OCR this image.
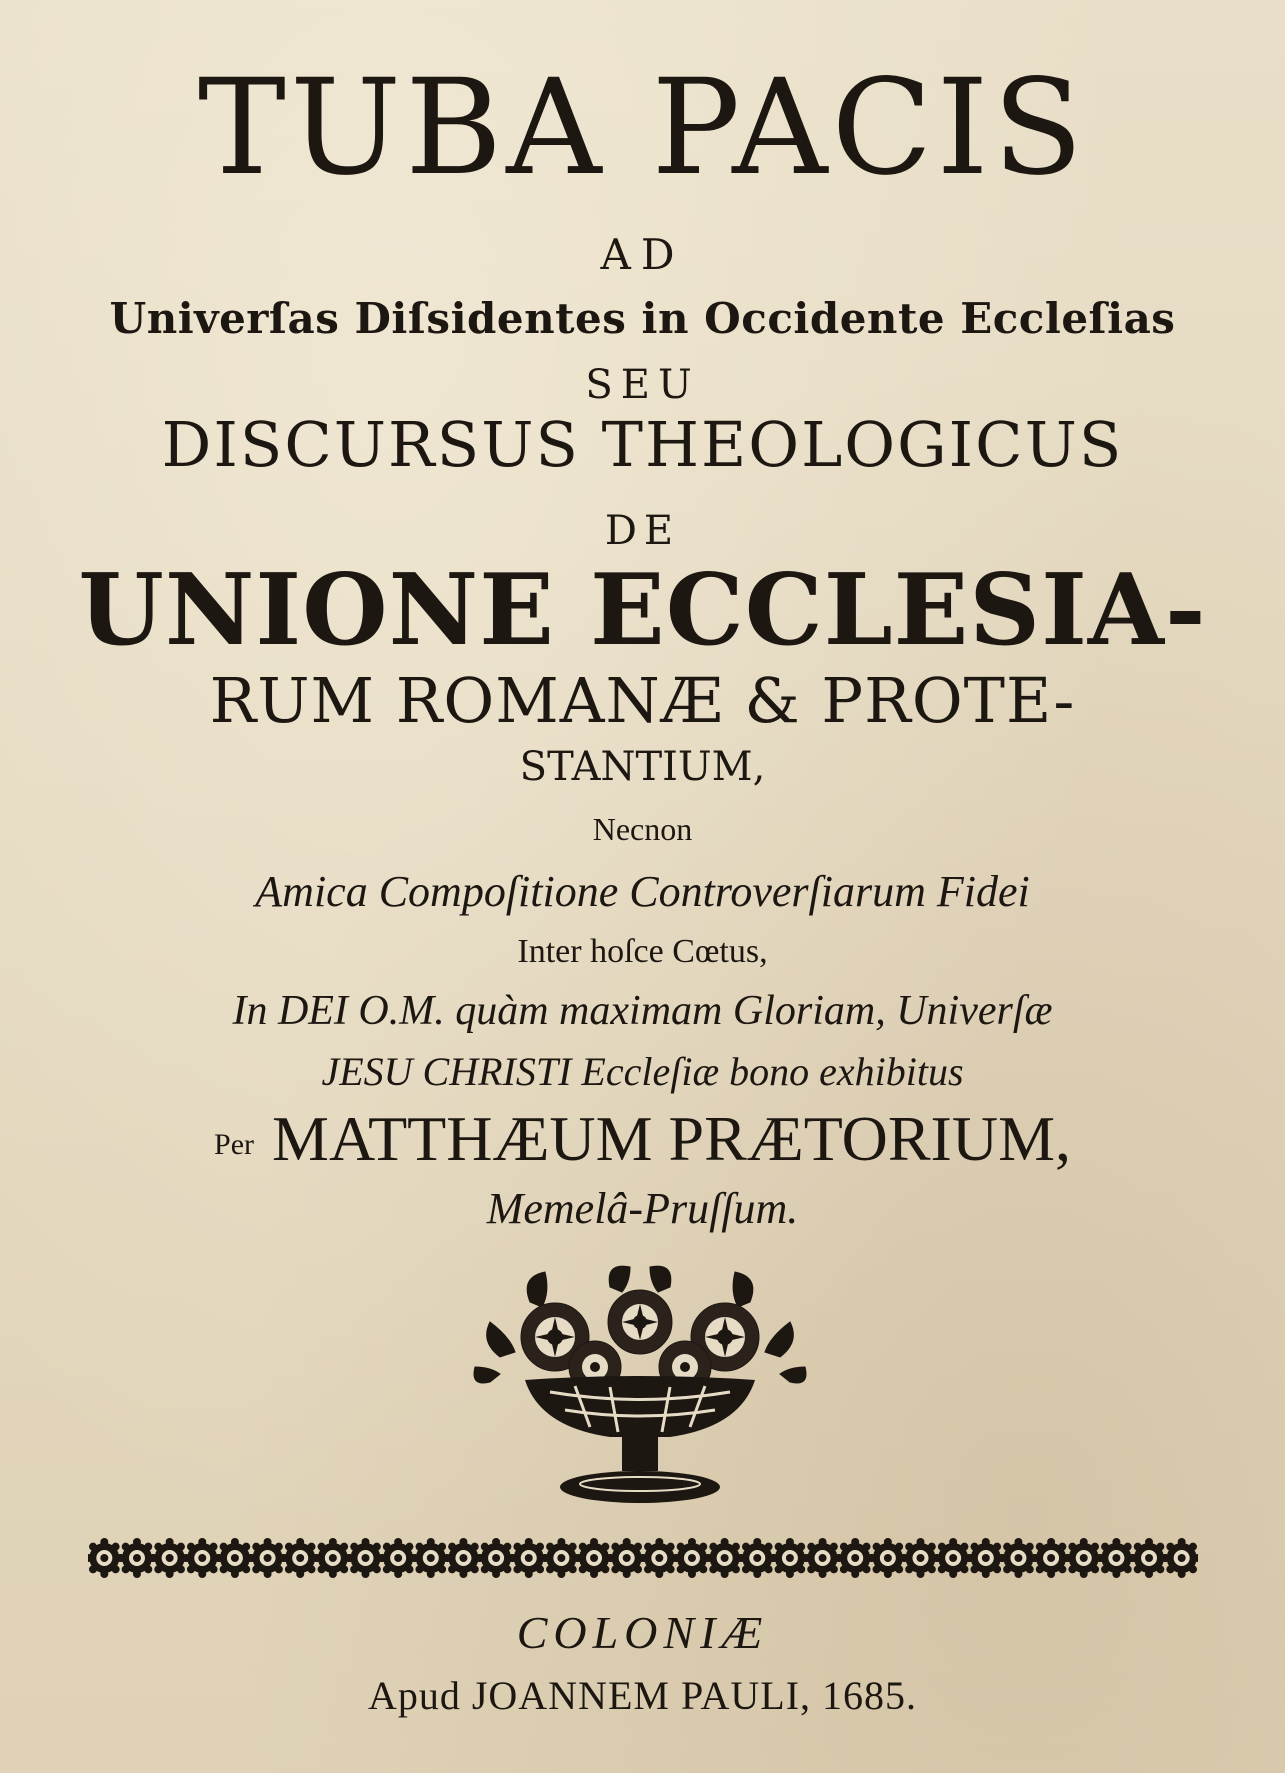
TUBA PACIS
AD
Univerſas Diſsidentes in Occidente Eccleſias
SEU
DISCURSUS THEOLOGICUS
DE
UNIONE ECCLESIA-
RUM ROMANÆ & PROTE-
STANTIUM,
Necnon
Amica Compoſitione Controverſiarum Fidei
Inter hoſce Cœtus,
In DEI O.M. quàm maximam Gloriam, Univerſæ
JESU CHRISTI Eccleſiæ bono exhibitus
Per MATTHÆUM PRÆTORIUM,
Memelâ-Pruſſum.
COLONIÆ
Apud JOANNEM PAULI, 1685.
